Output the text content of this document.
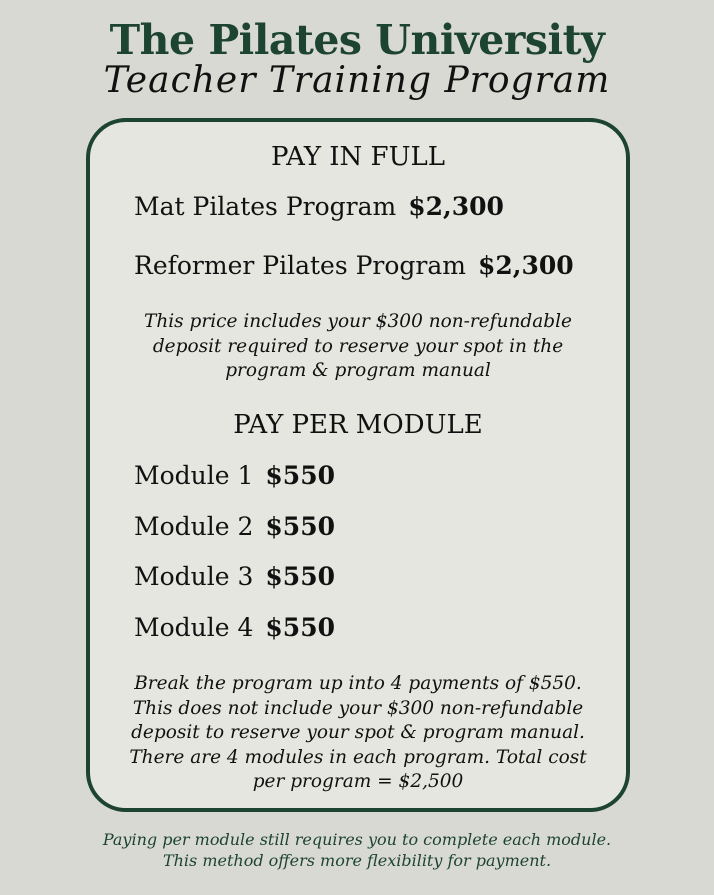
The Pilates University
Teacher Training Program
PAY IN FULL
Mat Pilates Program $2,300
Reformer Pilates Program $2,300
This price includes your $300 non-refundable
deposit required to reserve your spot in the
program & program manual
PAY PER MODULE
Module 1 $550
Module 2 $550
Module 3 $550
Module 4 $550
Break the program up into 4 payments of $550.
This does not include your $300 non-refundable
deposit to reserve your spot & program manual.
There are 4 modules in each program. Total cost
per program = $2,500
Paying per module still requires you to complete each module.
This method offers more flexibility for payment.
